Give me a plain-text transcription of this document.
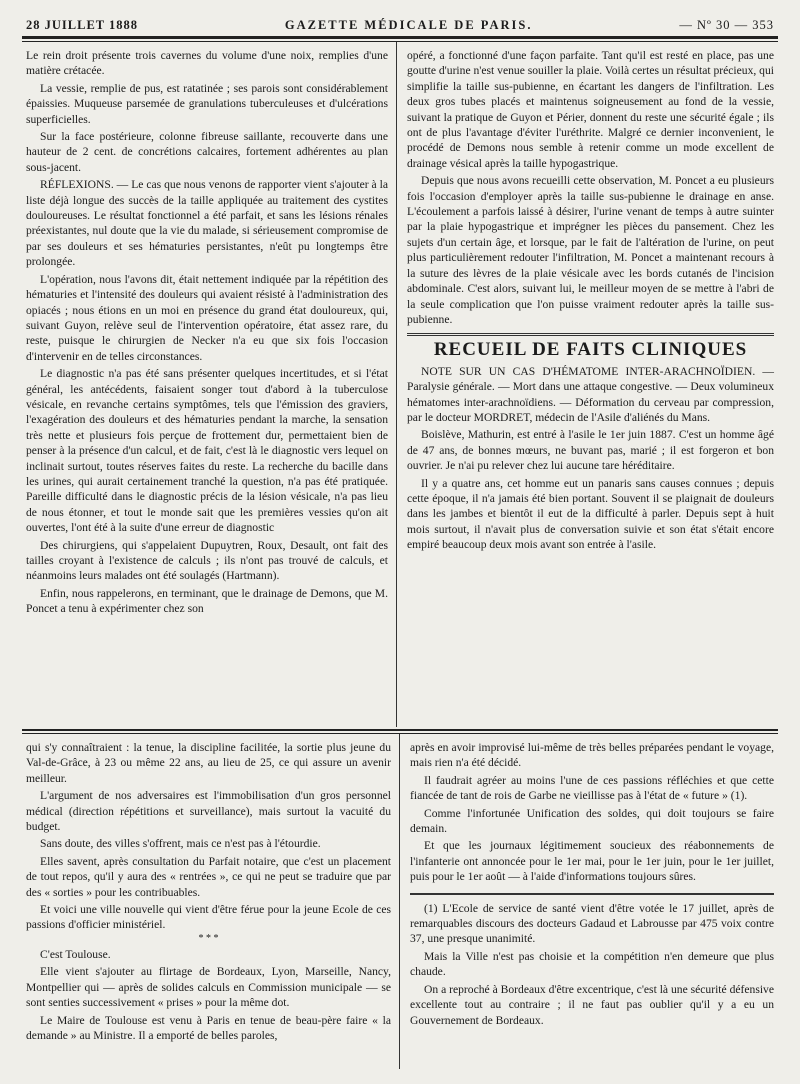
28 JUILLET 1888	GAZETTE MÉDICALE DE PARIS.	— Nº 30 — 353

Le rein droit présente trois cavernes du volume d'une noix, remplies d'une matière crétacée.

La vessie, remplie de pus, est ratatinée ; ses parois sont considérablement épaissies. Muqueuse parsemée de granulations tuberculeuses et d'ulcérations superficielles.

Sur la face postérieure, colonne fibreuse saillante, recouverte dans une hauteur de 2 cent. de concrétions calcaires, fortement adhérentes au plan sous-jacent.

RÉFLEXIONS. — Le cas que nous venons de rapporter vient s'ajouter à la liste déjà longue des succès de la taille appliquée au traitement des cystites douloureuses. Le résultat fonctionnel a été parfait, et sans les lésions rénales préexistantes, nul doute que la vie du malade, si sérieusement compromise de par ses douleurs et ses hématuries persistantes, n'eût pu longtemps être prolongée.

L'opération, nous l'avons dit, était nettement indiquée par la répétition des hématuries et l'intensité des douleurs qui avaient résisté à l'administration des opiacés ; nous étions en un moi en présence du grand état douloureux, qui, suivant Guyon, relève seul de l'intervention opératoire, état assez rare, du reste, puisque le chirurgien de Necker n'a eu que six fois l'occasion d'intervenir en de telles circonstances.

Le diagnostic n'a pas été sans présenter quelques incertitudes, et si l'état général, les antécédents, faisaient songer tout d'abord à la tuberculose vésicale, en revanche certains symptômes, tels que l'émission des graviers, l'exagération des douleurs et des hématuries pendant la marche, la sensation très nette et plusieurs fois perçue de frottement dur, permettaient bien de penser à la présence d'un calcul, et de fait, c'est là le diagnostic vers lequel on inclinait surtout, toutes réserves faites du reste. La recherche du bacille dans les urines, qui aurait certainement tranché la question, n'a pas été pratiquée. Pareille difficulté dans le diagnostic précis de la lésion vésicale, n'a pas lieu de nous étonner, et tout le monde sait que les premières vessies qu'on ait ouvertes, l'ont été à la suite d'une erreur de diagnostic

Des chirurgiens, qui s'appelaient Dupuytren, Roux, Desault, ont fait des tailles croyant à l'existence de calculs ; ils n'ont pas trouvé de calculs, et néanmoins leurs malades ont été soulagés (Hartmann).

Enfin, nous rappelerons, en terminant, que le drainage de Demons, que M. Poncet a tenu à expérimenter chez son

opéré, a fonctionné d'une façon parfaite. Tant qu'il est resté en place, pas une goutte d'urine n'est venue souiller la plaie. Voilà certes un résultat précieux, qui simplifie la taille sus-pubienne, en écartant les dangers de l'infiltration. Les deux gros tubes placés et maintenus soigneusement au fond de la vessie, suivant la pratique de Guyon et Périer, donnent du reste une sécurité égale ; ils ont de plus l'avantage d'éviter l'uréthrite. Malgré ce dernier inconvenient, le procédé de Demons nous semble à retenir comme un mode excellent de drainage vésical après la taille hypogastrique.

Depuis que nous avons recueilli cette observation, M. Poncet a eu plusieurs fois l'occasion d'employer après la taille sus-pubienne le drainage en anse. L'écoulement a parfois laissé à désirer, l'urine venant de temps à autre suinter par la plaie hypogastrique et imprégner les pièces du pansement. Chez les sujets d'un certain âge, et lorsque, par le fait de l'altération de l'urine, on peut plus particulièrement redouter l'infiltration, M. Poncet a maintenant recours à la suture des lèvres de la plaie vésicale avec les bords cutanés de l'incision abdominale. C'est alors, suivant lui, le meilleur moyen de se mettre à l'abri de la seule complication que l'on puisse vraiment redouter après la taille sus-pubienne.

RECUEIL DE FAITS CLINIQUES

NOTE SUR UN CAS D'HÉMATOME INTER-ARACHNOÏDIEN. — Paralysie générale. — Mort dans une attaque congestive. — Deux volumineux hématomes inter-arachnoïdiens. — Déformation du cerveau par compression, par le docteur MORDRET, médecin de l'Asile d'aliénés du Mans.

Boislève, Mathurin, est entré à l'asile le 1er juin 1887. C'est un homme âgé de 47 ans, de bonnes mœurs, ne buvant pas, marié ; il est forgeron et bon ouvrier. Je n'ai pu relever chez lui aucune tare héréditaire.

Il y a quatre ans, cet homme eut un panaris sans causes connues ; depuis cette époque, il n'a jamais été bien portant. Souvent il se plaignait de douleurs dans les jambes et bientôt il eut de la difficulté à parler. Depuis sept à huit mois surtout, il n'avait plus de conversation suivie et son état s'était encore empiré beaucoup deux mois avant son entrée à l'asile.

qui s'y connaîtraient : la tenue, la discipline facilitée, la sortie plus jeune du Val-de-Grâce, à 23 ou même 22 ans, au lieu de 25, ce qui assure un avenir meilleur.

L'argument de nos adversaires est l'immobilisation d'un gros personnel médical (direction répétitions et surveillance), mais surtout la vacuité du budget.

Sans doute, des villes s'offrent, mais ce n'est pas à l'étourdie.

Elles savent, après consultation du Parfait notaire, que c'est un placement de tout repos, qu'il y aura des « rentrées », ce qui ne peut se traduire que par des « sorties » pour les contribuables.

Et voici une ville nouvelle qui vient d'être férue pour la jeune Ecole de ces passions d'officier ministériel.

* * *

C'est Toulouse.

Elle vient s'ajouter au flirtage de Bordeaux, Lyon, Marseille, Nancy, Montpellier qui — après de solides calculs en Commission municipale — se sont senties successivement « prises » pour la même dot.

Le Maire de Toulouse est venu à Paris en tenue de beau-père faire « la demande » au Ministre. Il a emporté de belles paroles,

après en avoir improvisé lui-même de très belles préparées pendant le voyage, mais rien n'a été décidé.

Il faudrait agréer au moins l'une de ces passions réfléchies et que cette fiancée de tant de rois de Garbe ne vieillisse pas à l'état de « future » (1).

Comme l'infortunée Unification des soldes, qui doit toujours se faire demain.

Et que les journaux légitimement soucieux des réabonnements de l'infanterie ont annoncée pour le 1er mai, pour le 1er juin, pour le 1er juillet, puis pour le 1er août — à l'aide d'informations toujours sûres.

(1) L'Ecole de service de santé vient d'être votée le 17 juillet, après de remarquables discours des docteurs Gadaud et Labrousse par 475 voix contre 37, une presque unanimité.

Mais la Ville n'est pas choisie et la compétition n'en demeure que plus chaude.

On a reproché à Bordeaux d'être excentrique, c'est là une sécurité défensive excellente tout au contraire ; il ne faut pas oublier qu'il y a eu un Gouvernement de Bordeaux.
